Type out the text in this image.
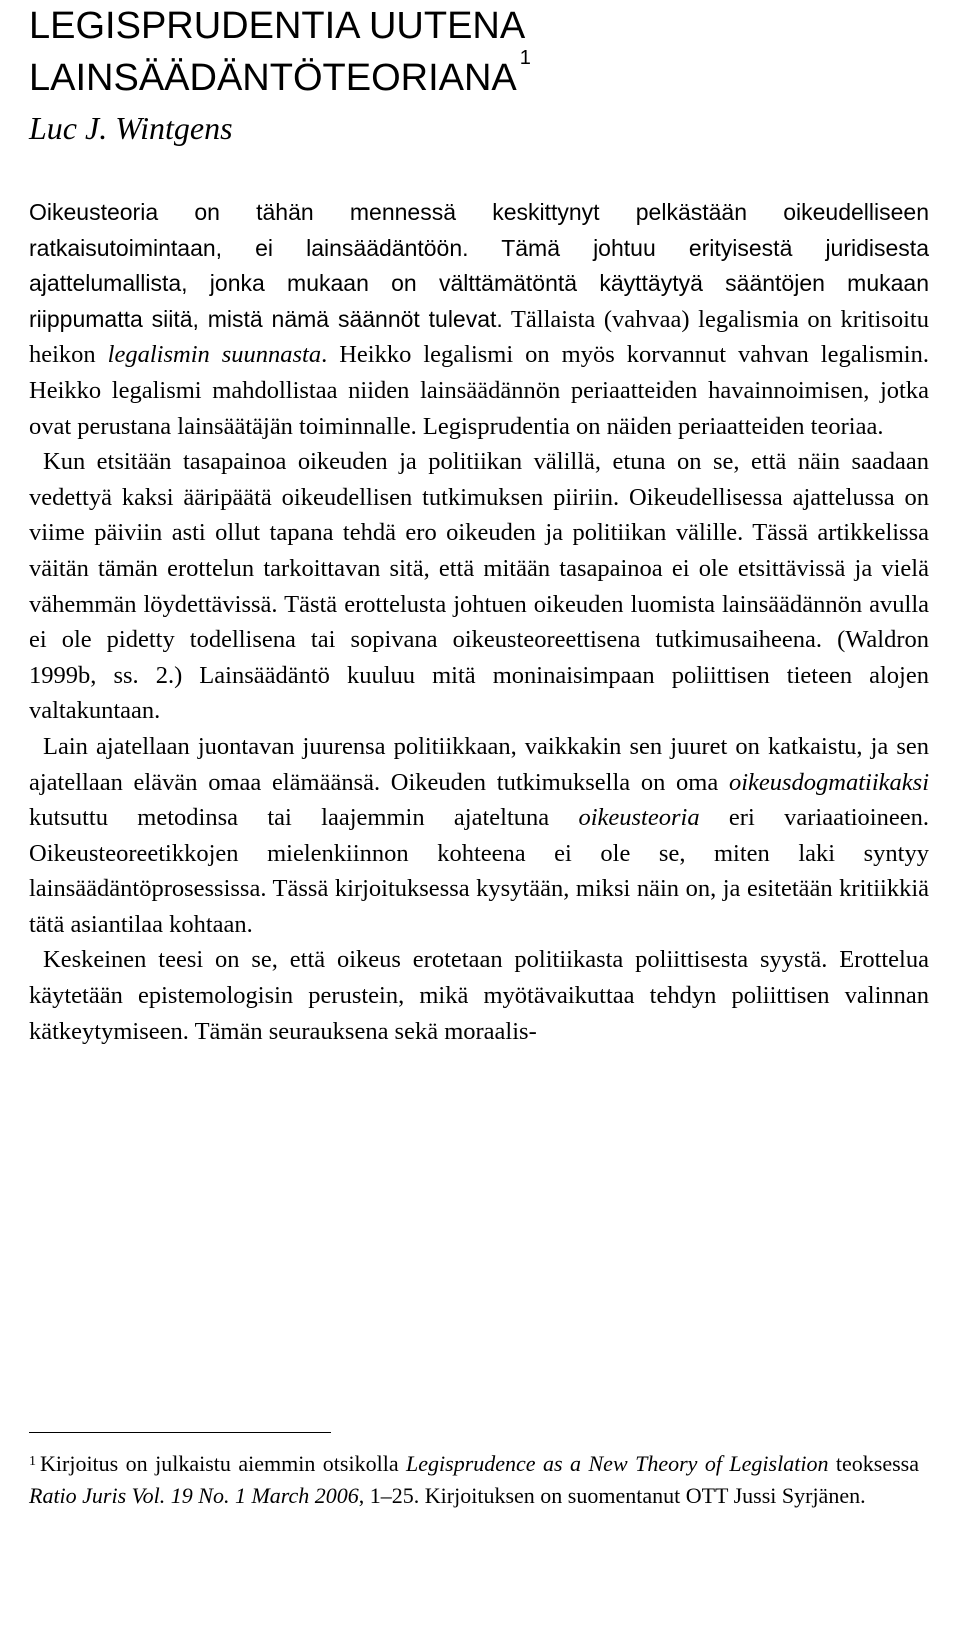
LEGISPRUDENTIA UUTENA
LAINSÄÄDÄNTÖTEORIANA $^1$

Luc J. Wintgens

Oikeusteoria on tähän mennessä keskittynyt pelkästään oikeudelliseen ratkaisutoimintaan, ei lainsäädäntöön. Tämä johtuu erityisestä juridisesta ajattelumallista, jonka mukaan on välttämätöntä käyttäytyä sääntöjen mukaan riippumatta siitä, mistä nämä säännöt tulevat. Tällaista (vahvaa) legalismia on kritisoitu heikon legalismin suunnasta. Heikko legalismi on myös korvannut vahvan legalismin. Heikko legalismi mahdollistaa niiden lainsäädännön periaatteiden havainnoimisen, jotka ovat perustana lainsäätäjän toiminnalle. Legisprudentia on näiden periaatteiden teoriaa.

Kun etsitään tasapainoa oikeuden ja politiikan välillä, etuna on se, että näin saadaan vedettyä kaksi ääripäätä oikeudellisen tutkimuksen piiriin. Oikeudellisessa ajattelussa on viime päiviin asti ollut tapana tehdä ero oikeuden ja politiikan välille. Tässä artikkelissa väitän tämän erottelun tarkoittavan sitä, että mitään tasapainoa ei ole etsittävissä ja vielä vähemmän löydettävissä. Tästä erottelusta johtuen oikeuden luomista lainsäädännön avulla ei ole pidetty todellisena tai sopivana oikeusteoreettisena tutkimusaiheena. (Waldron 1999b, ss. 2.) Lainsäädäntö kuuluu mitä moninaisimpaan poliittisen tieteen alojen valtakuntaan.

Lain ajatellaan juontavan juurensa politiikkaan, vaikkakin sen juuret on katkaistu, ja sen ajatellaan elävän omaa elämäänsä. Oikeuden tutkimuksella on oma oikeusdogmatiikaksi kutsuttu metodinsa tai laajemmin ajateltuna oikeusteoria eri variaatioineen. Oikeusteoreetikkojen mielenkiinnon kohteena ei ole se, miten laki syntyy lainsäädäntöprosessissa. Tässä kirjoituksessa kysytään, miksi näin on, ja esitetään kritiikkiä tätä asiantilaa kohtaan.

Keskeinen teesi on se, että oikeus erotetaan politiikasta poliittisesta syystä. Erottelua käytetään epistemologisin perustein, mikä myötävaikuttaa tehdyn poliittisen valinnan kätkeytymiseen. Tämän seurauksena sekä moraalis-

$^1$ Kirjoitus on julkaistu aiemmin otsikolla Legisprudence as a New Theory of Legislation teoksessa Ratio Juris Vol. 19 No. 1 March 2006, 1–25. Kirjoituksen on suomentanut OTT Jussi Syrjänen.
